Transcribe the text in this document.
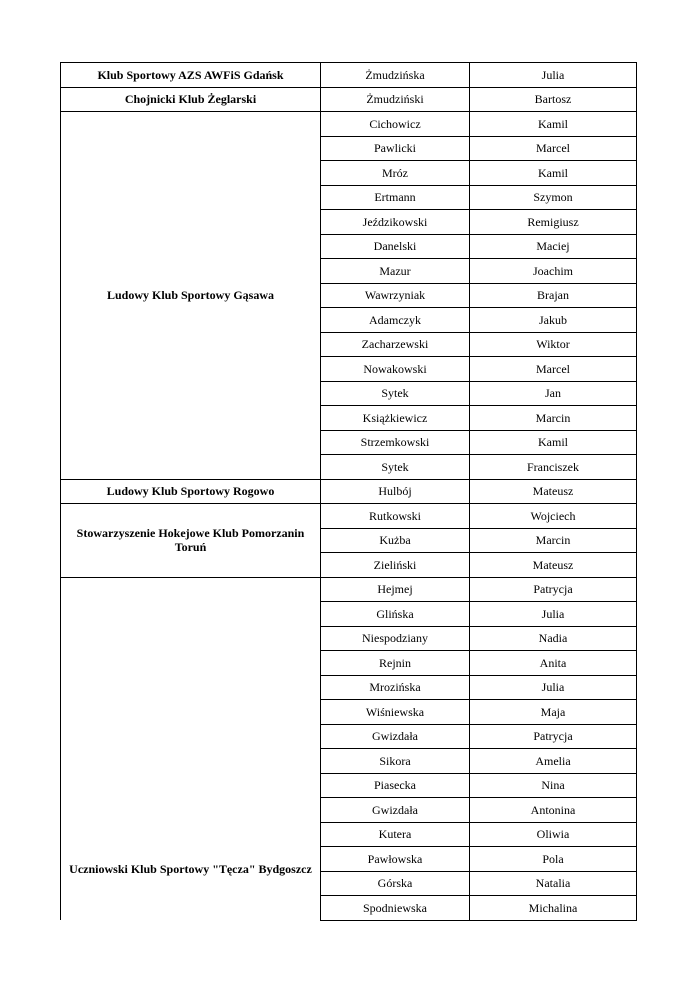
Klub Sportowy AZS AWFiS Gdańsk	Żmudzińska	Julia
Chojnicki Klub Żeglarski	Żmudziński	Bartosz
Ludowy Klub Sportowy Gąsawa	Cichowicz	Kamil
	Pawlicki	Marcel
	Mróz	Kamil
	Ertmann	Szymon
	Jeździkowski	Remigiusz
	Danelski	Maciej
	Mazur	Joachim
	Wawrzyniak	Brajan
	Adamczyk	Jakub
	Zacharzewski	Wiktor
	Nowakowski	Marcel
	Sytek	Jan
	Książkiewicz	Marcin
	Strzemkowski	Kamil
	Sytek	Franciszek
Ludowy Klub Sportowy Rogowo	Hulbój	Mateusz
Stowarzyszenie Hokejowe Klub Pomorzanin Toruń	Rutkowski	Wojciech
	Kużba	Marcin
	Zieliński	Mateusz
Uczniowski Klub Sportowy "Tęcza" Bydgoszcz	Hejmej	Patrycja
	Glińska	Julia
	Niespodziany	Nadia
	Rejnin	Anita
	Mrozińska	Julia
	Wiśniewska	Maja
	Gwizdała	Patrycja
	Sikora	Amelia
	Piasecka	Nina
	Gwizdała	Antonina
	Kutera	Oliwia
	Pawłowska	Pola
	Górska	Natalia
	Spodniewska	Michalina
